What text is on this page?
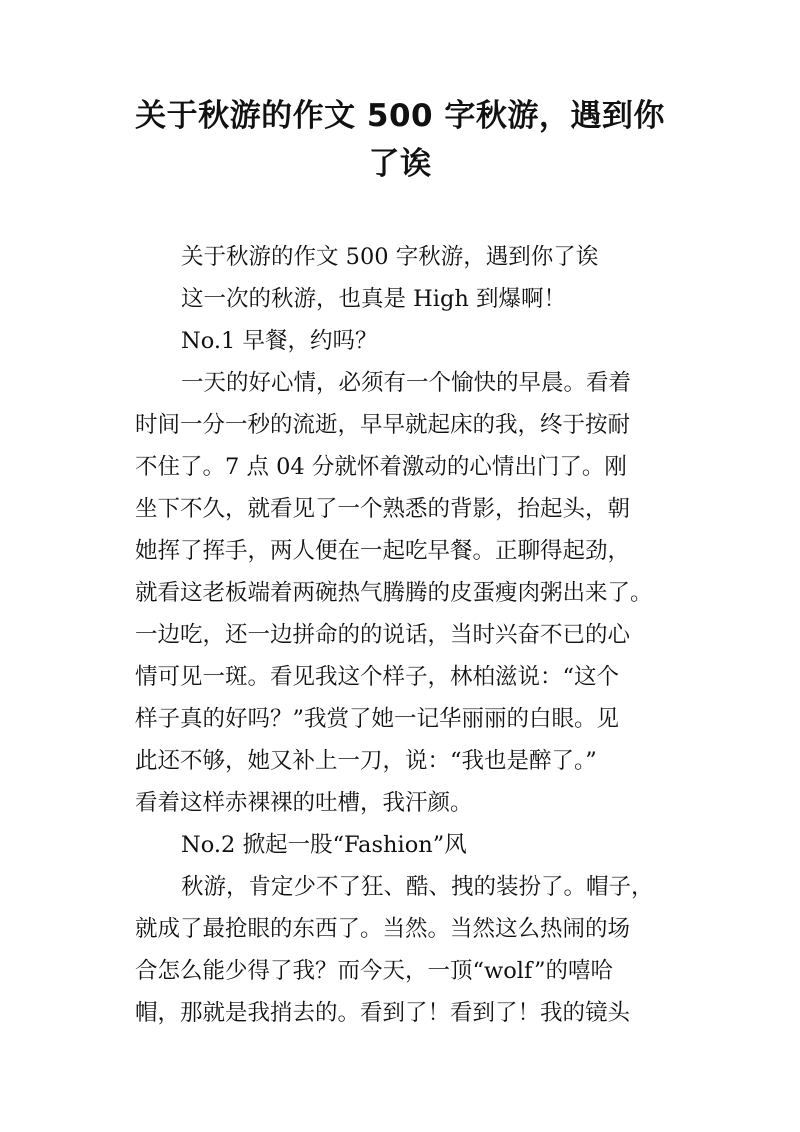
关于秋游的作文 500 字秋游，遇到你
了诶
关于秋游的作文 500 字秋游，遇到你了诶
这一次的秋游，也真是 High 到爆啊！
No.1 早餐，约吗？
一天的好心情，必须有一个愉快的早晨。看着
时间一分一秒的流逝，早早就起床的我，终于按耐
不住了。7 点 04 分就怀着激动的心情出门了。刚
坐下不久，就看见了一个熟悉的背影，抬起头，朝
她挥了挥手，两人便在一起吃早餐。正聊得起劲，
就看这老板端着两碗热气腾腾的皮蛋瘦肉粥出来了。
一边吃，还一边拼命的的说话，当时兴奋不已的心
情可见一斑。看见我这个样子，林柏滋说：“这个
样子真的好吗？”我赏了她一记华丽丽的白眼。见
此还不够，她又补上一刀，说：“我也是醉了。”
看着这样赤裸裸的吐槽，我汗颜。
No.2 掀起一股“Fashion”风
秋游，肯定少不了狂、酷、拽的装扮了。帽子，
就成了最抢眼的东西了。当然。当然这么热闹的场
合怎么能少得了我？而今天，一顶“wolf”的嘻哈
帽，那就是我捎去的。看到了！看到了！我的镜头
